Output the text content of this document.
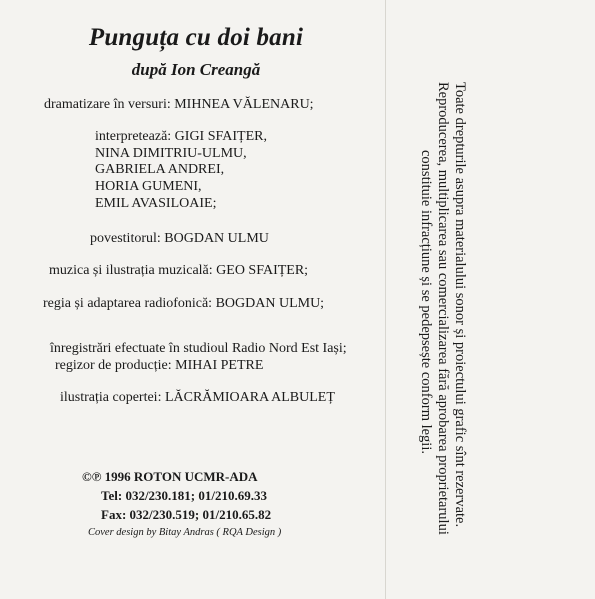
Punguța cu doi bani
după Ion Creangă
dramatizare în versuri: MIHNEA VĂLENARU;
interpretează: GIGI SFAIȚER,
NINA DIMITRIU-ULMU,
GABRIELA ANDREI,
HORIA GUMENI,
EMIL AVASILOAIE;
povestitorul: BOGDAN ULMU
muzica și ilustrația muzicală: GEO SFAIȚER;
regia și adaptarea radiofonică: BOGDAN ULMU;
înregistrări efectuate în studioul Radio Nord Est Iași;
regizor de producție: MIHAI PETRE
ilustrația copertei: LĂCRĂMIOARA ALBULEȚ
©℗ 1996 ROTON UCMR-ADA
Tel: 032/230.181; 01/210.69.33
Fax: 032/230.519; 01/210.65.82
Cover design by Bitay Andras ( RQA Design )
Toate drepturile asupra materialului sonor și proiectului grafic sînt rezervate.
Reproducerea, multiplicarea sau comercializarea fără aprobarea proprietarului
constituie infracțiune și se pedepsește conform legii.
